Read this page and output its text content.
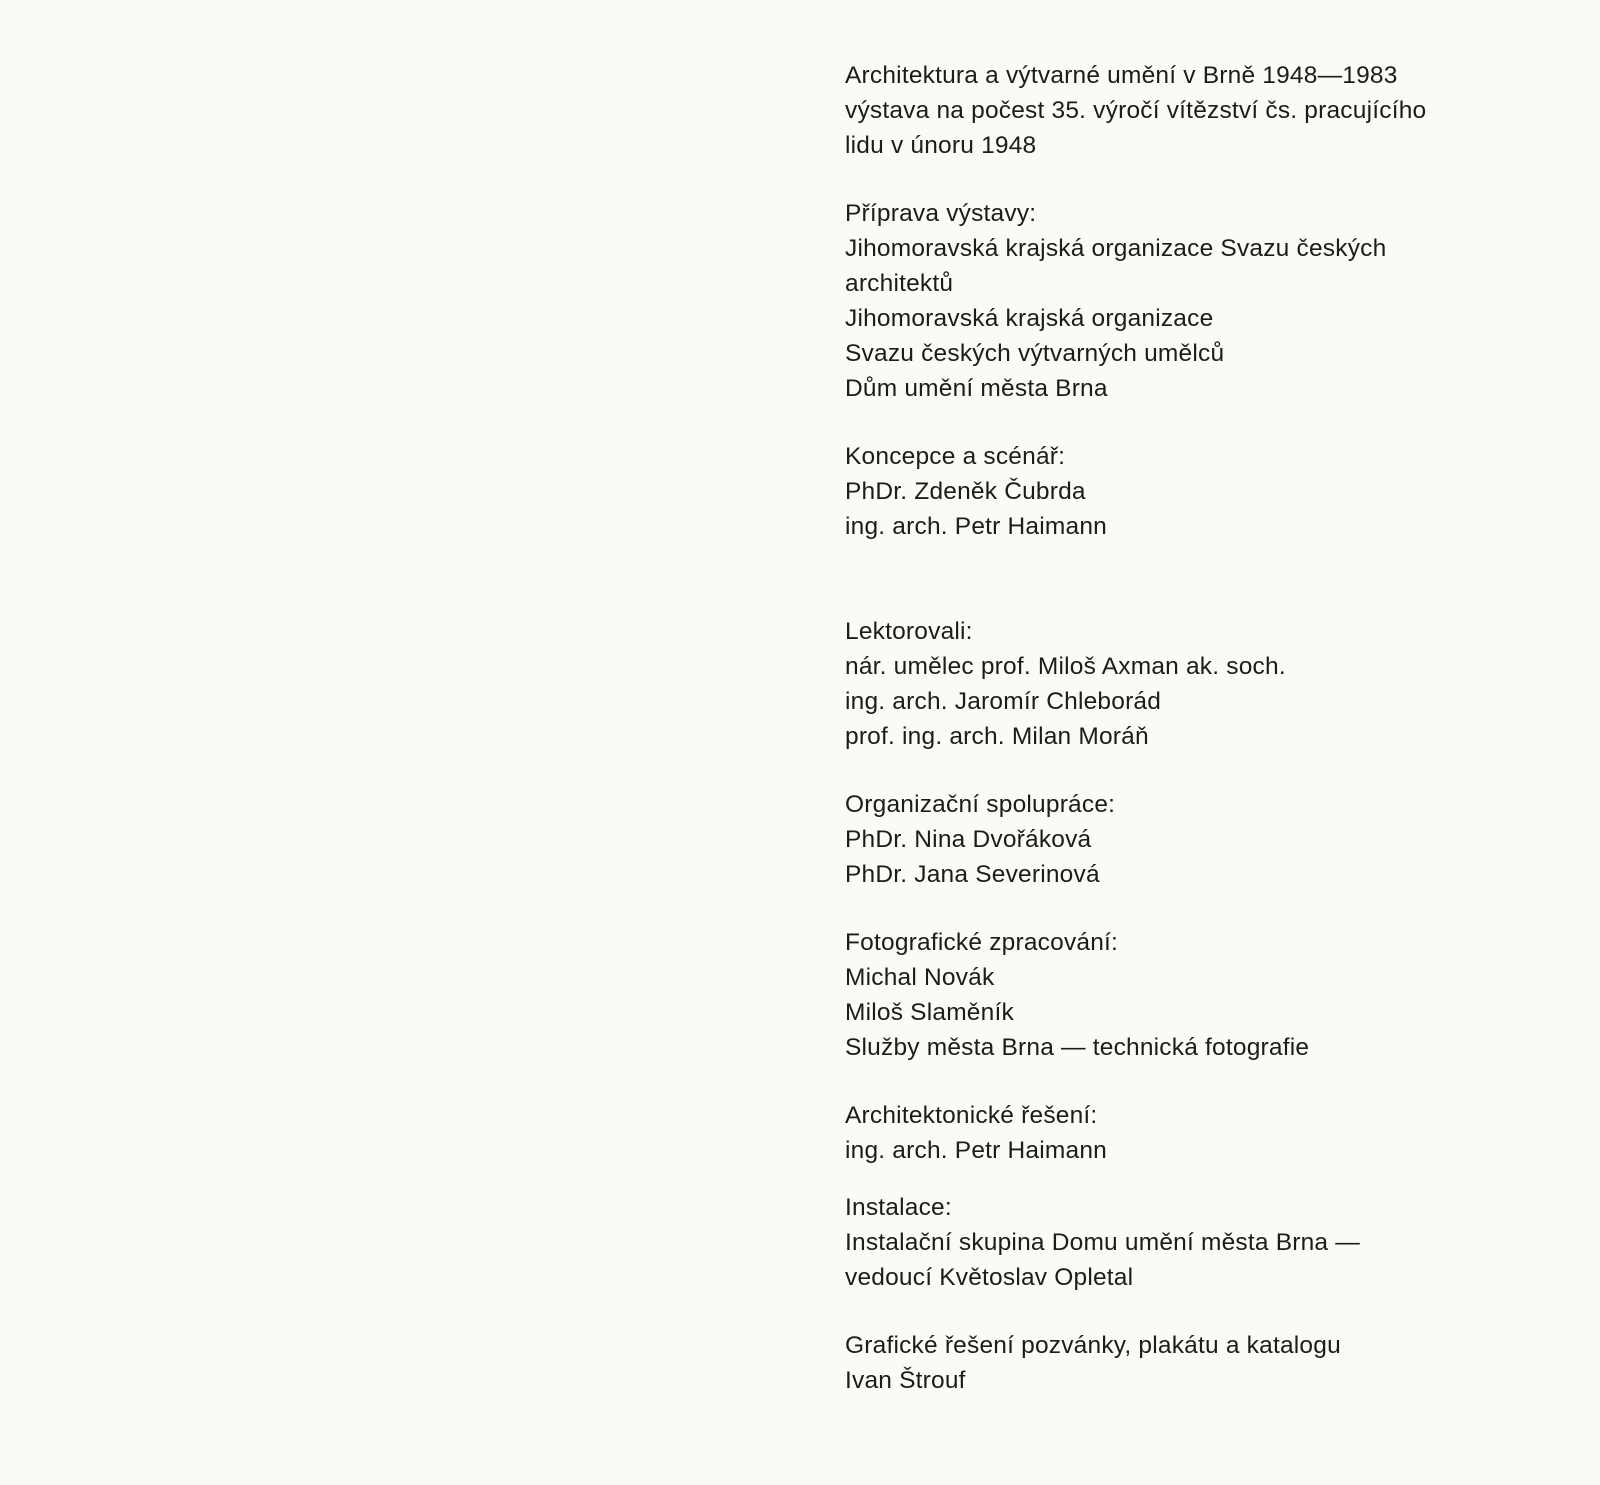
Architektura a výtvarné umění v Brně 1948—1983
výstava na počest 35. výročí vítězství čs. pracujícího
lidu v únoru 1948
Příprava výstavy:
Jihomoravská krajská organizace Svazu českých
architektů
Jihomoravská krajská organizace
Svazu českých výtvarných umělců
Dům umění města Brna
Koncepce a scénář:
PhDr. Zdeněk Čubrda
ing. arch. Petr Haimann
Lektorovali:
nár. umělec prof. Miloš Axman ak. soch.
ing. arch. Jaromír Chleborád
prof. ing. arch. Milan Moráň
Organizační spolupráce:
PhDr. Nina Dvořáková
PhDr. Jana Severinová
Fotografické zpracování:
Michal Novák
Miloš Slaměník
Služby města Brna — technická fotografie
Architektonické řešení:
ing. arch. Petr Haimann
Instalace:
Instalační skupina Domu umění města Brna —
vedoucí Květoslav Opletal
Grafické řešení pozvánky, plakátu a katalogu
Ivan Štrouf
